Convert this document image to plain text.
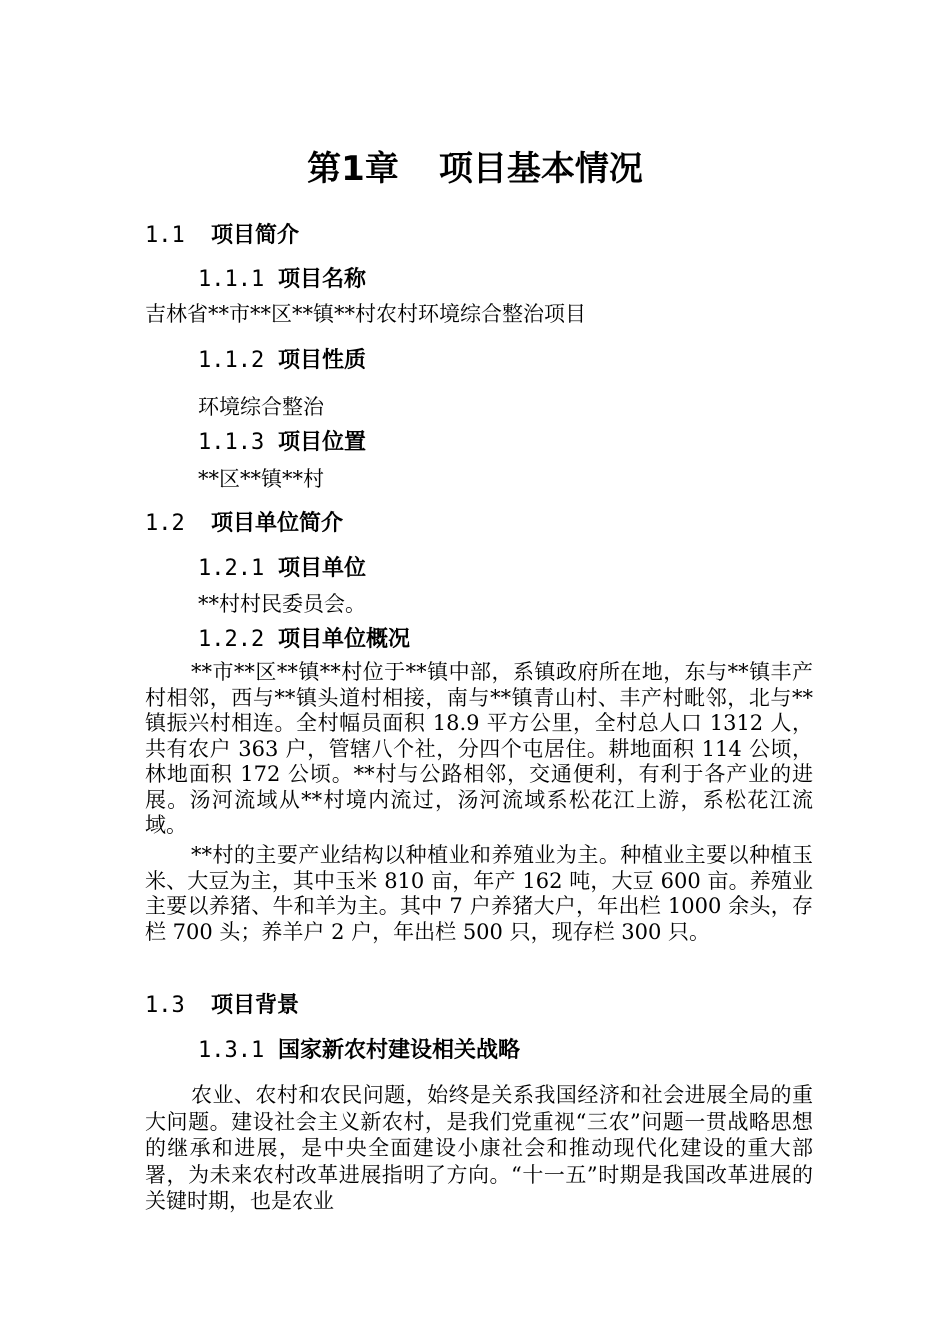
第1章 项目基本情况
1.1 项目简介
1.1.1 项目名称

吉林省**市**区**镇**村农村环境综合整治项目

1.1.2 项目性质

环境综合整治

1.1.3 项目位置

**区**镇**村

1.2 项目单位简介
1.2.1 项目单位

**村村民委员会。

1.2.2 项目单位概况

**市**区**镇**村位于**镇中部，系镇政府所在地，东与**镇丰产村相邻，西与**镇头道村相接，南与**镇青山村、丰产村毗邻，北与**镇振兴村相连。全村幅员面积 18.9 平方公里，全村总人口 1312 人，共有农户 363 户，管辖八个社，分四个屯居住。耕地面积 114 公顷，林地面积 172 公顷。**村与公路相邻，交通便利，有利于各产业的进展。汤河流域从**村境内流过，汤河流域系松花江上游，系松花江流域。

**村的主要产业结构以种植业和养殖业为主。种植业主要以种植玉米、大豆为主，其中玉米 810 亩，年产 162 吨，大豆 600 亩。养殖业主要以养猪、牛和羊为主。其中 7 户养猪大户，年出栏 1000 余头，存栏 700 头；养羊户 2 户，年出栏 500 只，现存栏 300 只。

1.3 项目背景
1.3.1 国家新农村建设相关战略

农业、农村和农民问题，始终是关系我国经济和社会进展全局的重大问题。建设社会主义新农村，是我们党重视“三农”问题一贯战略思想的继承和进展，是中央全面建设小康社会和推动现代化建设的重大部署，为未来农村改革进展指明了方向。“十一五”时期是我国改革进展的关键时期，也是农业
